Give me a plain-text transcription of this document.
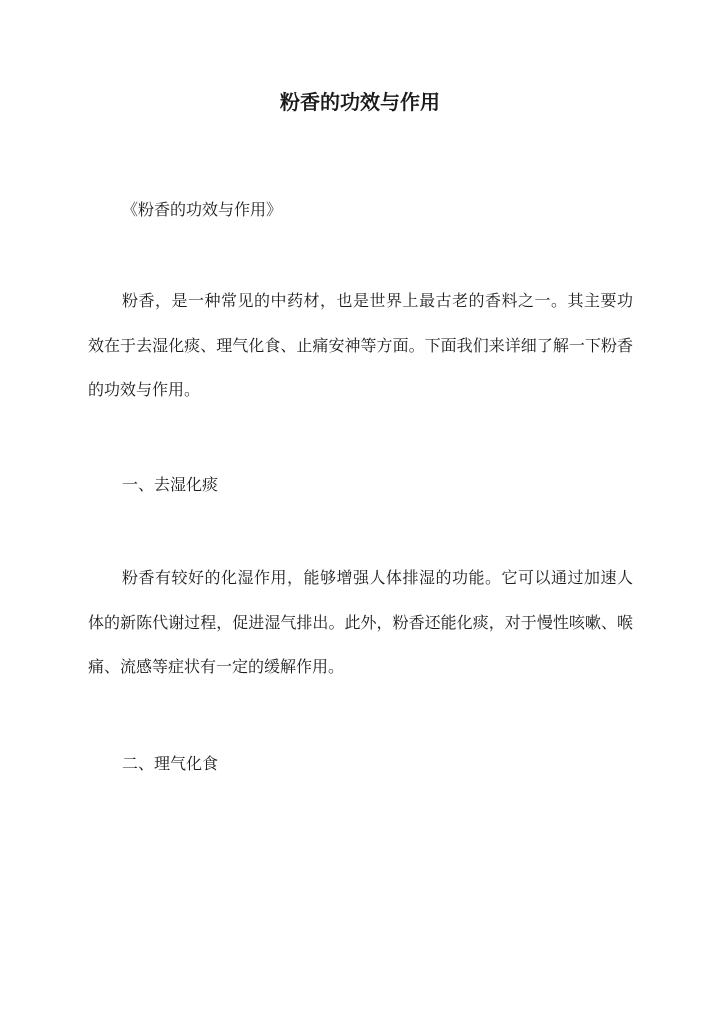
粉香的功效与作用

《粉香的功效与作用》

粉香，是一种常见的中药材，也是世界上最古老的香料之一。其主要功效在于去湿化痰、理气化食、止痛安神等方面。下面我们来详细了解一下粉香的功效与作用。

一、去湿化痰

粉香有较好的化湿作用，能够增强人体排湿的功能。它可以通过加速人体的新陈代谢过程，促进湿气排出。此外，粉香还能化痰，对于慢性咳嗽、喉痛、流感等症状有一定的缓解作用。

二、理气化食
